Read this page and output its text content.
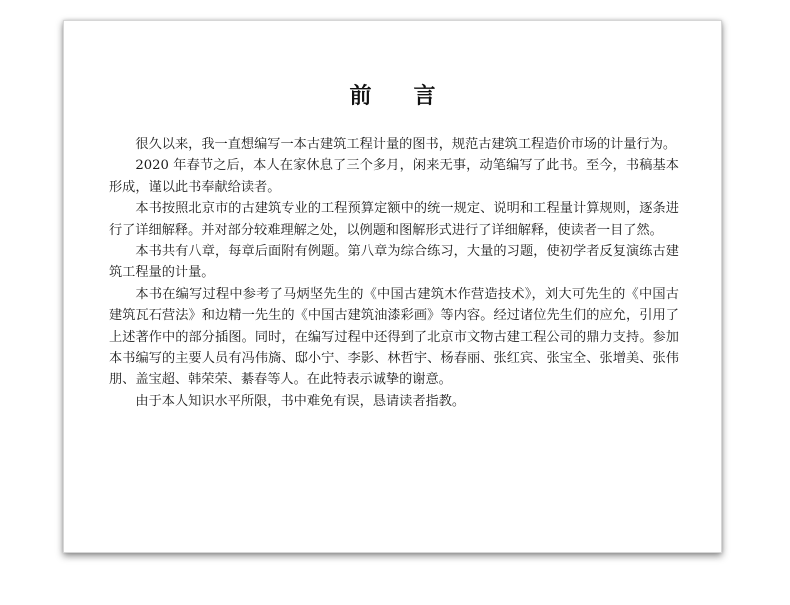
前 言

很久以来，我一直想编写一本古建筑工程计量的图书，规范古建筑工程造价市场的计量行为。

2020 年春节之后，本人在家休息了三个多月，闲来无事，动笔编写了此书。至今，书稿基本形成，谨以此书奉献给读者。

本书按照北京市的古建筑专业的工程预算定额中的统一规定、说明和工程量计算规则，逐条进行了详细解释。并对部分较难理解之处，以例题和图解形式进行了详细解释，使读者一目了然。

本书共有八章，每章后面附有例题。第八章为综合练习，大量的习题，使初学者反复演练古建筑工程量的计量。

本书在编写过程中参考了马炳坚先生的《中国古建筑木作营造技术》，刘大可先生的《中国古建筑瓦石营法》和边精一先生的《中国古建筑油漆彩画》等内容。经过诸位先生们的应允，引用了上述著作中的部分插图。同时，在编写过程中还得到了北京市文物古建工程公司的鼎力支持。参加本书编写的主要人员有冯伟旖、邸小宁、李影、林哲宇、杨春丽、张红宾、张宝全、张增美、张伟朋、盖宝超、韩荣荣、綦春等人。在此特表示诚挚的谢意。

由于本人知识水平所限，书中难免有误，恳请读者指教。
